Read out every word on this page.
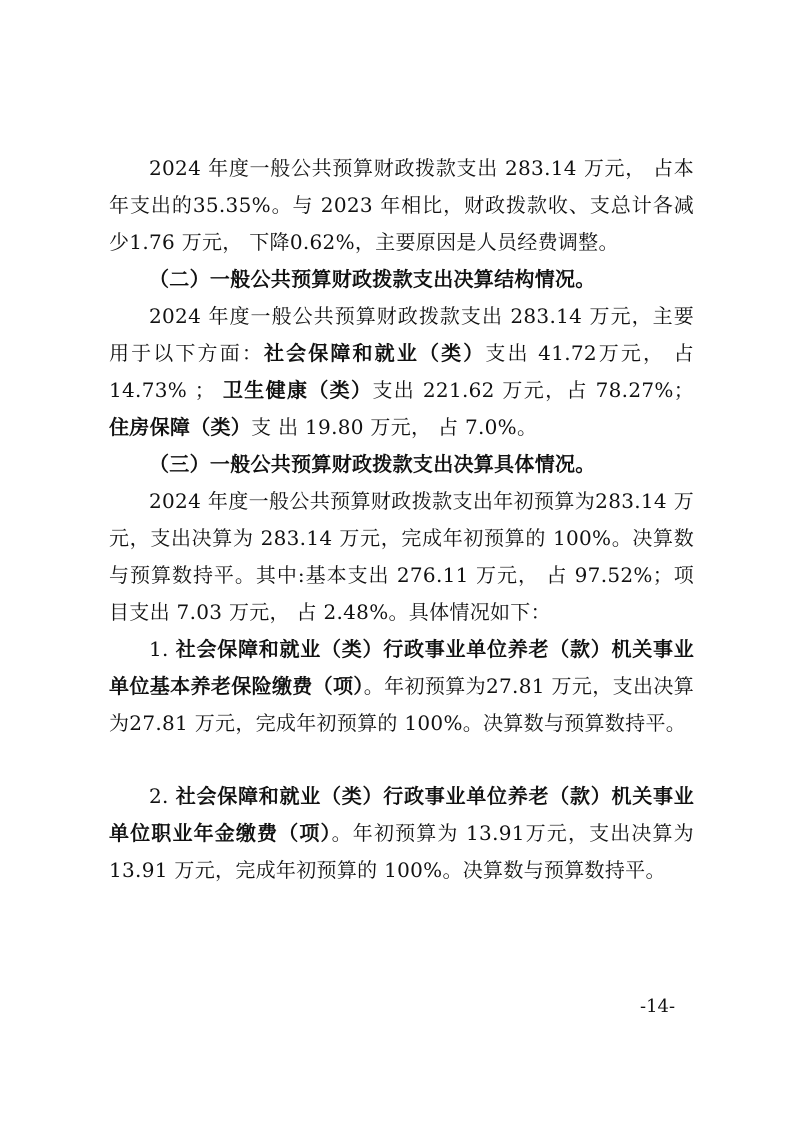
2024 年度一般公共预算财政拨款支出 283.14 万元， 占本年支出的35.35%。与 2023 年相比，财政拨款收、支总计各减少1.76 万元， 下降0.62%，主要原因是人员经费调整。

（二）一般公共预算财政拨款支出决算结构情况。

2024 年度一般公共预算财政拨款支出 283.14 万元，主要用于以下方面：社会保障和就业（类）支出 41.72万元， 占14.73% ； 卫生健康（类）支出 221.62 万元，占 78.27%；住房保障（类）支 出 19.80 万元， 占 7.0%。

（三）一般公共预算财政拨款支出决算具体情况。

2024 年度一般公共预算财政拨款支出年初预算为283.14 万元，支出决算为 283.14 万元，完成年初预算的 100%。决算数与预算数持平。其中:基本支出 276.11 万元， 占 97.52%；项目支出 7.03 万元， 占 2.48%。具体情况如下：

1. 社会保障和就业（类）行政事业单位养老（款）机关事业单位基本养老保险缴费（项）。年初预算为27.81 万元，支出决算为27.81 万元，完成年初预算的 100%。决算数与预算数持平。

2. 社会保障和就业（类）行政事业单位养老（款）机关事业单位职业年金缴费（项）。年初预算为 13.91万元，支出决算为 13.91 万元，完成年初预算的 100%。决算数与预算数持平。

-14-
